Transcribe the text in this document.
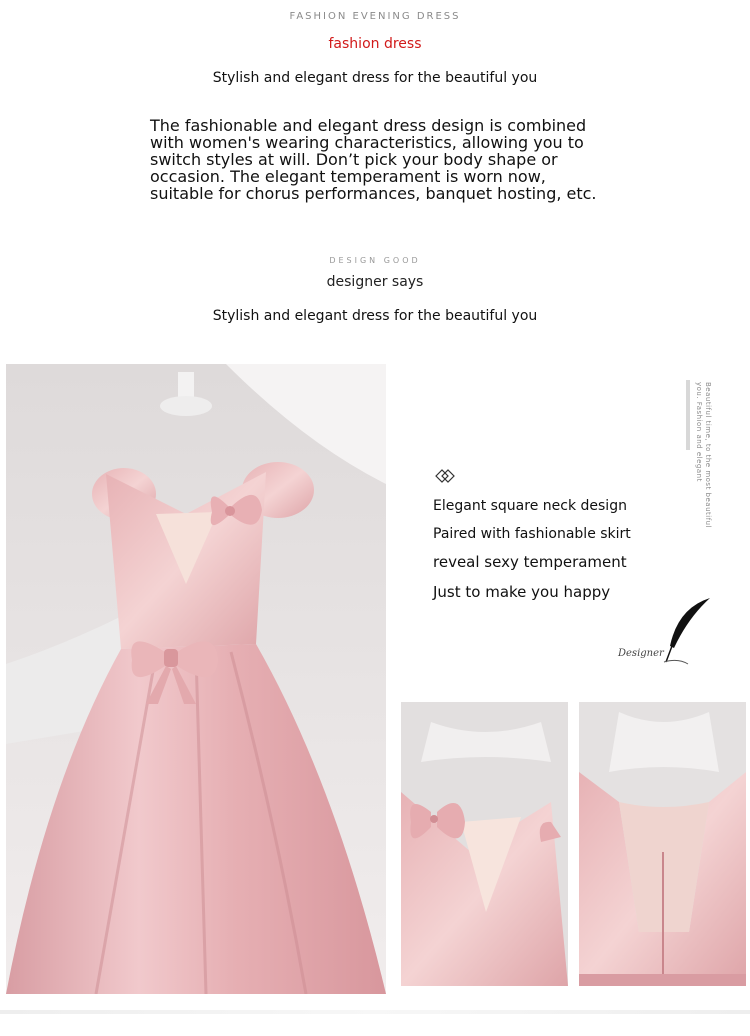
FASHION EVENING DRESS
fashion dress
Stylish and elegant dress for the beautiful you
The fashionable and elegant dress design is combined with women's wearing characteristics, allowing you to switch styles at will. Don’t pick your body shape or occasion. The elegant temperament is worn now, suitable for chorus performances, banquet hosting, etc.
DESIGN GOOD
designer says
Stylish and elegant dress for the beautiful you
Beautiful time, to the most beautiful you. Fashion and elegant
Elegant square neck design
Paired with fashionable skirt
reveal sexy temperament
Just to make you happy
Designer
